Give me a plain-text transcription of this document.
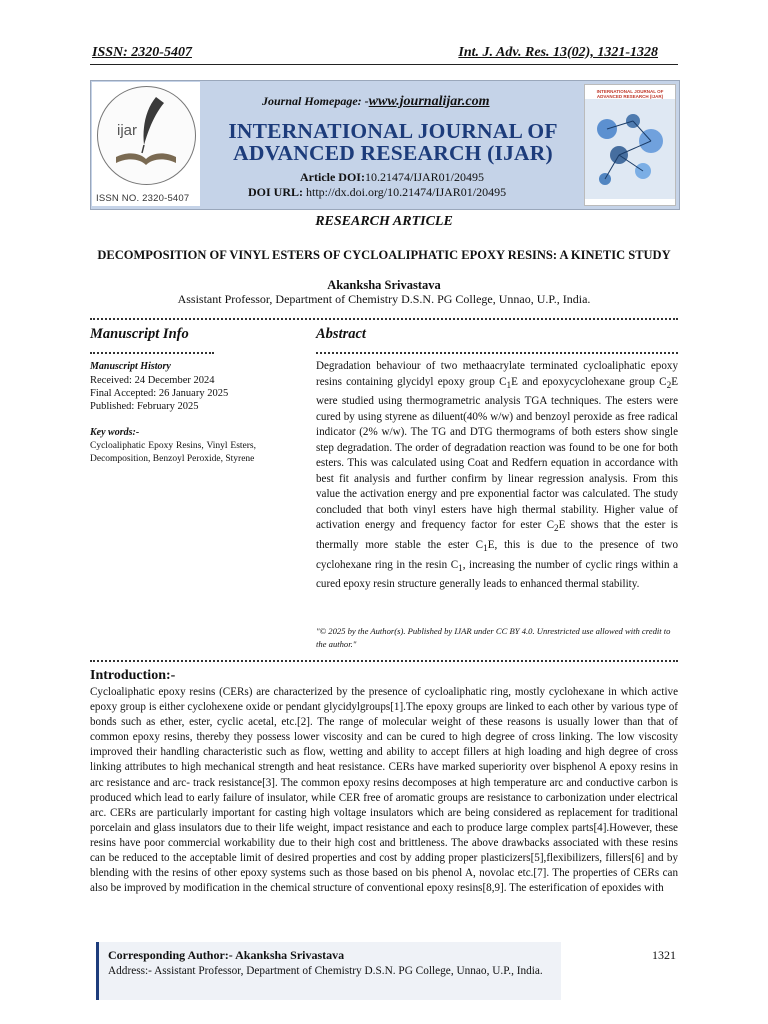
ISSN: 2320-5407	Int. J. Adv. Res. 13(02), 1321-1328
ijar
ISSN NO. 2320-5407
Journal Homepage: -www.journalijar.com
INTERNATIONAL JOURNAL OF
ADVANCED RESEARCH (IJAR)
Article DOI:10.21474/IJAR01/20495
DOI URL: http://dx.doi.org/10.21474/IJAR01/20495
INTERNATIONAL JOURNAL OF
ADVANCED RESEARCH (IJAR)
RESEARCH ARTICLE
DECOMPOSITION OF VINYL ESTERS OF CYCLOALIPHATIC EPOXY RESINS: A KINETIC STUDY
Akanksha Srivastava
Assistant Professor, Department of Chemistry D.S.N. PG College, Unnao, U.P., India.
Manuscript Info
Manuscript History
Received: 24 December 2024
Final Accepted: 26 January 2025
Published: February 2025
Key words:-
Cycloaliphatic Epoxy Resins, Vinyl Esters, Decomposition, Benzoyl Peroxide, Styrene
Abstract
Degradation behaviour of two methaacrylate terminated cycloaliphatic epoxy resins containing glycidyl epoxy group $C_1E$ and epoxycyclohexane group $C_2E$ were studied using thermogrametric analysis TGA techniques. The esters were cured by using styrene as diluent(40% w/w) and benzoyl peroxide as free radical indicator (2% w/w). The TG and DTG thermograms of both esters show single step degradation. The order of degradation reaction was found to be one for both esters. This was calculated using Coat and Redfern equation in accordance with best fit analysis and further confirm by linear regression analysis. From this value the activation energy and pre exponential factor was calculated. The study concluded that both vinyl esters have high thermal stability. Higher value of activation energy and frequency factor for ester $C_2E$ shows that the ester is thermally more stable the ester $C_1E$, this is due to the presence of two cyclohexane ring in the resin $C_1$, increasing the number of cyclic rings within a cured epoxy resin structure generally leads to enhanced thermal stability.
"© 2025 by the Author(s). Published by IJAR under CC BY 4.0. Unrestricted use allowed with credit to the author."
Introduction:-
Cycloaliphatic epoxy resins (CERs) are characterized by the presence of cycloaliphatic ring, mostly cyclohexane in which active epoxy group is either cyclohexene oxide or pendant glycidylgroups[1].The epoxy groups are linked to each other by various type of bonds such as ether, ester, cyclic acetal, etc.[2]. The range of molecular weight of these reasons is usually lower than that of common epoxy resins, thereby they possess lower viscosity and can be cured to high degree of cross linking. The low viscosity improved their handling characteristic such as flow, wetting and ability to accept fillers at high loading and high degree of cross linking attributes to high mechanical strength and heat resistance. CERs have marked superiority over bisphenol A epoxy resins in arc resistance and arc- track resistance[3]. The common epoxy resins decomposes at high temperature arc and conductive carbon is produced which lead to early failure of insulator, while CER free of aromatic groups are resistance to carbonization under electrical arc. CERs are particularly important for casting high voltage insulators which are being considered as replacement for traditional porcelain and glass insulators due to their life weight, impact resistance and each to produce large complex parts[4].However, these resins have poor commercial workability due to their high cost and brittleness. The above drawbacks associated with these resins can be reduced to the acceptable limit of desired properties and cost by adding proper plasticizers[5],flexibilizers, fillers[6] and by blending with the resins of other epoxy systems such as those based on bis phenol A, novolac etc.[7]. The properties of CERs can also be improved by modification in the chemical structure of conventional epoxy resins[8,9]. The esterification of epoxides with
Corresponding Author:- Akanksha Srivastava
Address:- Assistant Professor, Department of Chemistry D.S.N. PG College, Unnao, U.P., India.
1321
